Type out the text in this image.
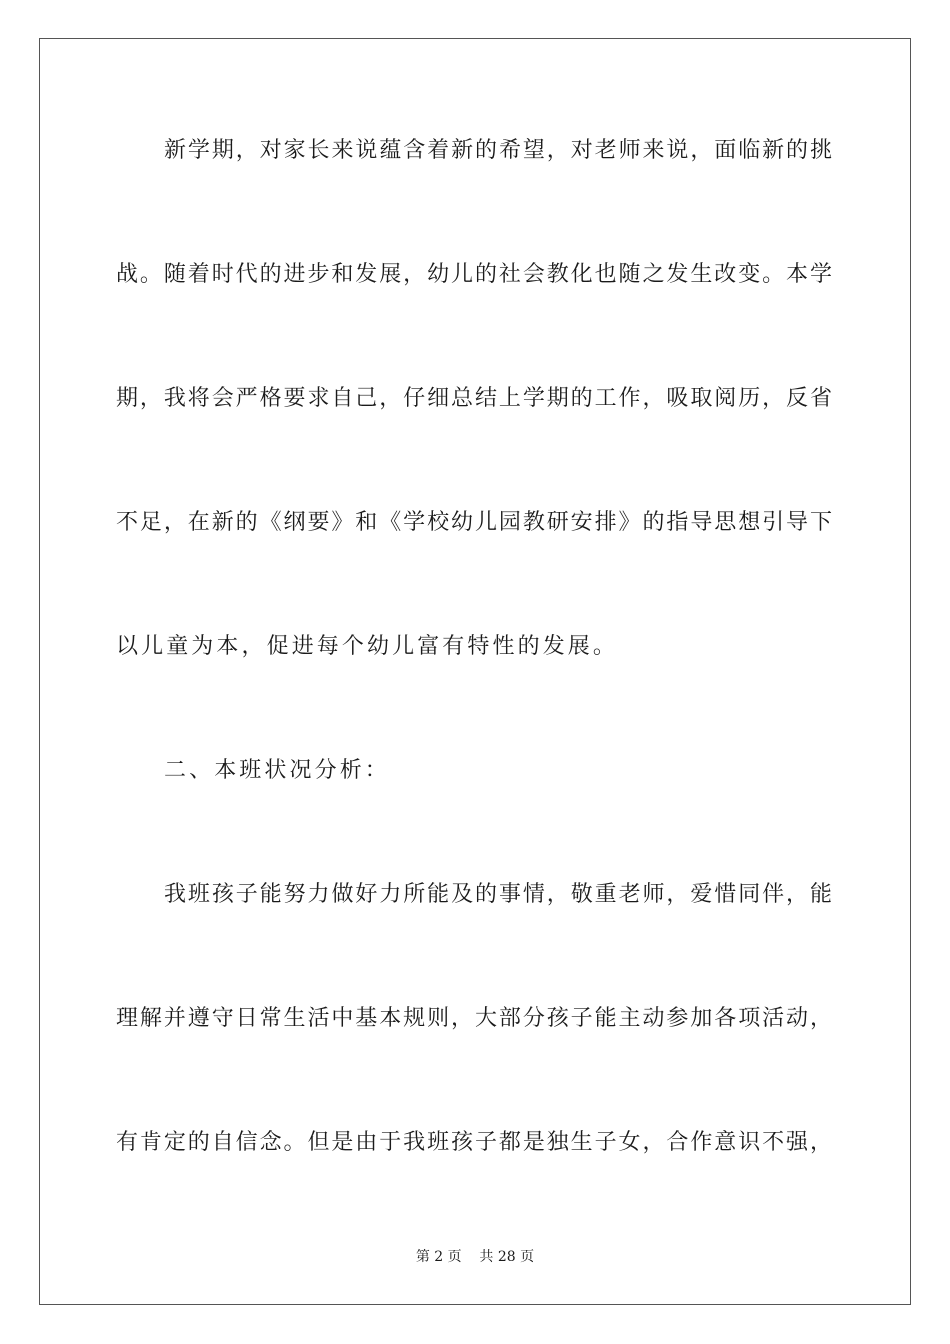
新学期，对家长来说蕴含着新的希望，对老师来说，面临新的挑
战。随着时代的进步和发展，幼儿的社会教化也随之发生改变。本学
期，我将会严格要求自己，仔细总结上学期的工作，吸取阅历，反省
不足，在新的《纲要》和《学校幼儿园教研安排》的指导思想引导下
以儿童为本，促进每个幼儿富有特性的发展。
二、本班状况分析：
我班孩子能努力做好力所能及的事情，敬重老师，爱惜同伴，能
理解并遵守日常生活中基本规则，大部分孩子能主动参加各项活动，
有肯定的自信念。但是由于我班孩子都是独生子女，合作意识不强，
第 2 页    共 28 页
